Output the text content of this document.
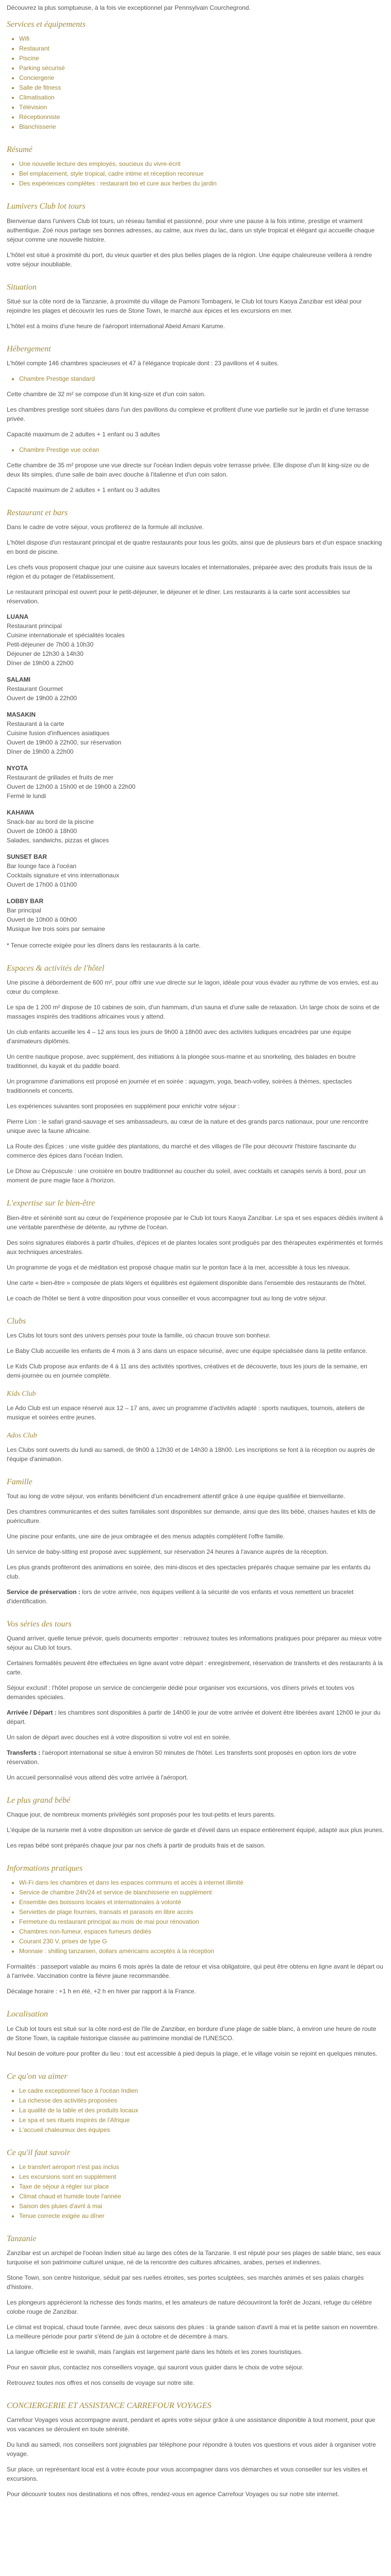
Découvrez la plus somptueuse, à la fois vie exceptionnel par Pennsylvain Courchegrond.

Services et équipements
• Wifi
• Restaurant
• Piscine
• Parking sécurisé
• Conciergerie
• Salle de fitness
• Climatisation
• Télévision
• Réceptionniste
• Blanchisserie
Résumé
• Une nouvelle lecture des employés, soucieux du vivre-écrit
• Bel emplacement, style tropical, cadre intime et réception reconnue
• Des expériences complètes : restaurant bio et cure aux herbes du jardin
Lumivers Club lot tours

Bienvenue dans l'univers Club lot tours, un réseau familial et passionné, pour vivre une pause à la fois intime, prestige et vraiment authentique. Zoé nous partage ses bonnes adresses, au calme, aux rives du lac, dans un style tropical et élégant qui accueille chaque séjour comme une nouvelle histoire.

L'hôtel est situé à proximité du port, du vieux quartier et des plus belles plages de la région. Une équipe chaleureuse veillera à rendre votre séjour inoubliable.

Situation

Situé sur la côte nord de la Tanzanie, à proximité du village de Pamoni Tombageni, le Club lot tours Kaoya Zanzibar est idéal pour rejoindre les plages et découvrir les rues de Stone Town, le marché aux épices et les excursions en mer.

L'hôtel est à moins d'une heure de l'aéroport international Abeid Amani Karume.

Hébergement

L'hôtel compte 146 chambres spacieuses et 47 à l'élégance tropicale dont : 23 pavillons et 4 suites.

• Chambre Prestige standard

Cette chambre de 32 m² se compose d'un lit king-size et d'un coin salon.

Les chambres prestige sont situées dans l'un des pavillons du complexe et profitent d'une vue partielle sur le jardin et d'une terrasse privée.

Capacité maximum de 2 adultes + 1 enfant ou 3 adultes

• Chambre Prestige vue océan

Cette chambre de 35 m² propose une vue directe sur l'océan Indien depuis votre terrasse privée. Elle dispose d'un lit king-size ou de deux lits simples, d'une salle de bain avec douche à l'italienne et d'un coin salon.

Capacité maximum de 2 adultes + 1 enfant ou 3 adultes

Restaurant et bars

Dans le cadre de votre séjour, vous profiterez de la formule all inclusive.

L'hôtel dispose d'un restaurant principal et de quatre restaurants pour tous les goûts, ainsi que de plusieurs bars et d'un espace snacking en bord de piscine.

Les chefs vous proposent chaque jour une cuisine aux saveurs locales et internationales, préparée avec des produits frais issus de la région et du potager de l'établissement.

Le restaurant principal est ouvert pour le petit-déjeuner, le déjeuner et le dîner. Les restaurants à la carte sont accessibles sur réservation.

LUANA
Restaurant principal
Cuisine internationale et spécialités locales
Petit-déjeuner de 7h00 à 10h30
Déjeuner de 12h30 à 14h30
Dîner de 19h00 à 22h00
SALAMI
Restaurant Gourmet
Ouvert de 19h00 à 22h00
MASAKIN
Restaurant à la carte
Cuisine fusion d'influences asiatiques
Ouvert de 19h00 à 22h00, sur réservation
Dîner de 19h00 à 22h00
NYOTA
Restaurant de grillades et fruits de mer
Ouvert de 12h00 à 15h00 et de 19h00 à 22h00
Fermé le lundi
KAHAWA
Snack-bar au bord de la piscine
Ouvert de 10h00 à 18h00
Salades, sandwichs, pizzas et glaces
SUNSET BAR
Bar lounge face à l'océan
Cocktails signature et vins internationaux
Ouvert de 17h00 à 01h00
LOBBY BAR
Bar principal
Ouvert de 10h00 à 00h00
Musique live trois soirs par semaine

* Tenue correcte exigée pour les dîners dans les restaurants à la carte.

Espaces & activités de l'hôtel

Une piscine à débordement de 600 m², pour offrir une vue directe sur le lagon, idéale pour vous évader au rythme de vos envies, est au cœur du complexe.

Le spa de 1 200 m² dispose de 10 cabines de soin, d'un hammam, d'un sauna et d'une salle de relaxation. Un large choix de soins et de massages inspirés des traditions africaines vous y attend.

Un club enfants accueille les 4 – 12 ans tous les jours de 9h00 à 18h00 avec des activités ludiques encadrées par une équipe d'animateurs diplômés.

Un centre nautique propose, avec supplément, des initiations à la plongée sous-marine et au snorkeling, des balades en boutre traditionnel, du kayak et du paddle board.

Un programme d'animations est proposé en journée et en soirée : aquagym, yoga, beach-volley, soirées à thèmes, spectacles traditionnels et concerts.

Les expériences suivantes sont proposées en supplément pour enrichir votre séjour :

Pierre Lion : le safari grand-sauvage et ses ambassadeurs, au cœur de la nature et des grands parcs nationaux, pour une rencontre unique avec la faune africaine.

La Route des Épices : une visite guidée des plantations, du marché et des villages de l'île pour découvrir l'histoire fascinante du commerce des épices dans l'océan Indien.

Le Dhow au Crépuscule : une croisière en boutre traditionnel au coucher du soleil, avec cocktails et canapés servis à bord, pour un moment de pure magie face à l'horizon.

L'expertise sur le bien-être

Bien-être et sérénité sont au cœur de l'expérience proposée par le Club lot tours Kaoya Zanzibar. Le spa et ses espaces dédiés invitent à une véritable parenthèse de détente, au rythme de l'océan.

Des soins signatures élaborés à partir d'huiles, d'épices et de plantes locales sont prodigués par des thérapeutes expérimentés et formés aux techniques ancestrales.

Un programme de yoga et de méditation est proposé chaque matin sur le ponton face à la mer, accessible à tous les niveaux.

Une carte « bien-être » composée de plats légers et équilibrés est également disponible dans l'ensemble des restaurants de l'hôtel.

Le coach de l'hôtel se tient à votre disposition pour vous conseiller et vous accompagner tout au long de votre séjour.

Clubs

Les Clubs lot tours sont des univers pensés pour toute la famille, où chacun trouve son bonheur.

Le Baby Club accueille les enfants de 4 mois à 3 ans dans un espace sécurisé, avec une équipe spécialisée dans la petite enfance.

Le Kids Club propose aux enfants de 4 à 11 ans des activités sportives, créatives et de découverte, tous les jours de la semaine, en demi-journée ou en journée complète.

Kids Club

Le Ado Club est un espace réservé aux 12 – 17 ans, avec un programme d'activités adapté : sports nautiques, tournois, ateliers de musique et soirées entre jeunes.

Ados Club

Les Clubs sont ouverts du lundi au samedi, de 9h00 à 12h30 et de 14h30 à 18h00. Les inscriptions se font à la réception ou auprès de l'équipe d'animation.

Famille

Tout au long de votre séjour, vos enfants bénéficient d'un encadrement attentif grâce à une équipe qualifiée et bienveillante.

Des chambres communicantes et des suites familiales sont disponibles sur demande, ainsi que des lits bébé, chaises hautes et kits de puériculture.

Une piscine pour enfants, une aire de jeux ombragée et des menus adaptés complètent l'offre famille.

Un service de baby-sitting est proposé avec supplément, sur réservation 24 heures à l'avance auprès de la réception.

Les plus grands profiteront des animations en soirée, des mini-discos et des spectacles préparés chaque semaine par les enfants du club.

Service de préservation : lors de votre arrivée, nos équipes veillent à la sécurité de vos enfants et vous remettent un bracelet d'identification.

Vos séries des tours

Quand arriver, quelle tenue prévoir, quels documents emporter : retrouvez toutes les informations pratiques pour préparer au mieux votre séjour au Club lot tours.

Certaines formalités peuvent être effectuées en ligne avant votre départ : enregistrement, réservation de transferts et des restaurants à la carte.

Séjour exclusif : l'hôtel propose un service de conciergerie dédié pour organiser vos excursions, vos dîners privés et toutes vos demandes spéciales.

Arrivée / Départ : les chambres sont disponibles à partir de 14h00 le jour de votre arrivée et doivent être libérées avant 12h00 le jour du départ.

Un salon de départ avec douches est à votre disposition si votre vol est en soirée.

Transferts : l'aéroport international se situe à environ 50 minutes de l'hôtel. Les transferts sont proposés en option lors de votre réservation.

Un accueil personnalisé vous attend dès votre arrivée à l'aéroport.

Le plus grand bébé

Chaque jour, de nombreux moments privilégiés sont proposés pour les tout-petits et leurs parents.

L'équipe de la nurserie met à votre disposition un service de garde et d'éveil dans un espace entièrement équipé, adapté aux plus jeunes.

Les repas bébé sont préparés chaque jour par nos chefs à partir de produits frais et de saison.

Informations pratiques
• Wi-Fi dans les chambres et dans les espaces communs et accès à internet illimité
• Service de chambre 24h/24 et service de blanchisserie en supplément
• Ensemble des boissons locales et internationales à volonté
• Serviettes de plage fournies, transats et parasols en libre accès
• Fermeture du restaurant principal au mois de mai pour rénovation
• Chambres non-fumeur, espaces fumeurs dédiés
• Courant 230 V, prises de type G
• Monnaie : shilling tanzanien, dollars américains acceptés à la réception

Formalités : passeport valable au moins 6 mois après la date de retour et visa obligatoire, qui peut être obtenu en ligne avant le départ ou à l'arrivée. Vaccination contre la fièvre jaune recommandée.

Décalage horaire : +1 h en été, +2 h en hiver par rapport à la France.

Localisation

Le Club lot tours est situé sur la côte nord-est de l'île de Zanzibar, en bordure d'une plage de sable blanc, à environ une heure de route de Stone Town, la capitale historique classée au patrimoine mondial de l'UNESCO.

Nul besoin de voiture pour profiter du lieu : tout est accessible à pied depuis la plage, et le village voisin se rejoint en quelques minutes.

Ce qu'on va aimer
• Le cadre exceptionnel face à l'océan Indien
• La richesse des activités proposées
• La qualité de la table et des produits locaux
• Le spa et ses rituels inspirés de l'Afrique
• L'accueil chaleureux des équipes
Ce qu'il faut savoir
• Le transfert aéroport n'est pas inclus
• Les excursions sont en supplément
• Taxe de séjour à régler sur place
• Climat chaud et humide toute l'année
• Saison des pluies d'avril à mai
• Tenue correcte exigée au dîner
Tanzanie

Zanzibar est un archipel de l'océan Indien situé au large des côtes de la Tanzanie. Il est réputé pour ses plages de sable blanc, ses eaux turquoise et son patrimoine culturel unique, né de la rencontre des cultures africaines, arabes, perses et indiennes.

Stone Town, son centre historique, séduit par ses ruelles étroites, ses portes sculptées, ses marchés animés et ses palais chargés d'histoire.

Les plongeurs apprécieront la richesse des fonds marins, et les amateurs de nature découvriront la forêt de Jozani, refuge du célèbre colobe rouge de Zanzibar.

Le climat est tropical, chaud toute l'année, avec deux saisons des pluies : la grande saison d'avril à mai et la petite saison en novembre. La meilleure période pour partir s'étend de juin à octobre et de décembre à mars.

La langue officielle est le swahili, mais l'anglais est largement parlé dans les hôtels et les zones touristiques.

Pour en savoir plus, contactez nos conseillers voyage, qui sauront vous guider dans le choix de votre séjour.

Retrouvez toutes nos offres et nos conseils de voyage sur notre site.

CONCIERGERIE ET ASSISTANCE CARREFOUR VOYAGES

Carrefour Voyages vous accompagne avant, pendant et après votre séjour grâce à une assistance disponible à tout moment, pour que vos vacances se déroulent en toute sérénité.

Du lundi au samedi, nos conseillers sont joignables par téléphone pour répondre à toutes vos questions et vous aider à organiser votre voyage.

Sur place, un représentant local est à votre écoute pour vous accompagner dans vos démarches et vous conseiller sur les visites et excursions.

Pour découvrir toutes nos destinations et nos offres, rendez-vous en agence Carrefour Voyages ou sur notre site internet.
